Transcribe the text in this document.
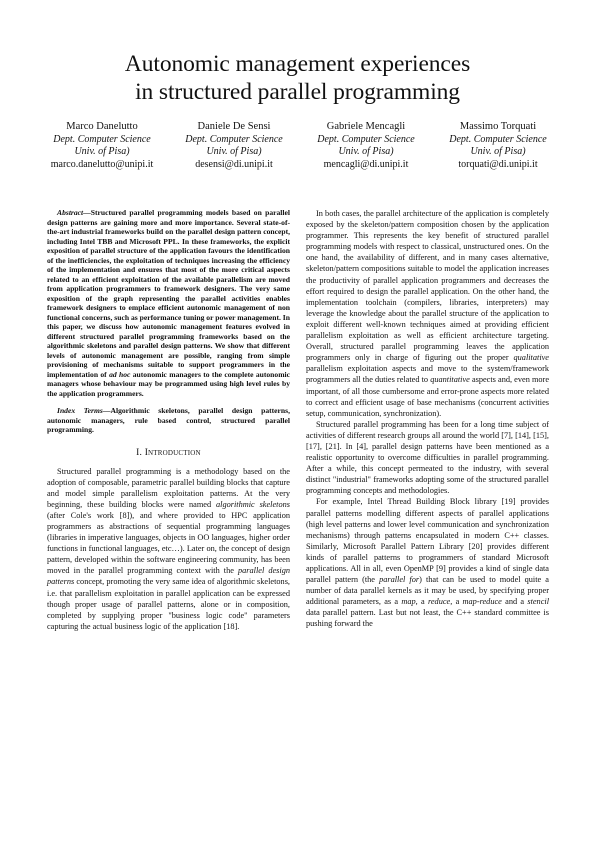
Autonomic management experiences
in structured parallel programming
Marco Danelutto
Dept. Computer Science
Univ. of Pisa)
marco.danelutto@unipi.it
Daniele De Sensi
Dept. Computer Science
Univ. of Pisa)
desensi@di.unipi.it
Gabriele Mencagli
Dept. Computer Science
Univ. of Pisa)
mencagli@di.unipi.it
Massimo Torquati
Dept. Computer Science
Univ. of Pisa)
torquati@di.unipi.it

Abstract—Structured parallel programming models based on parallel design patterns are gaining more and more importance. Several state-of-the-art industrial frameworks build on the parallel design pattern concept, including Intel TBB and Microsoft PPL. In these frameworks, the explicit exposition of parallel structure of the application favours the identification of the inefficiencies, the exploitation of techniques increasing the efficiency of the implementation and ensures that most of the more critical aspects related to an efficient exploitation of the available parallelism are moved from application programmers to framework designers. The very same exposition of the graph representing the parallel activities enables framework designers to emplace efficient autonomic management of non functional concerns, such as performance tuning or power management. In this paper, we discuss how autonomic management features evolved in different structured parallel programming frameworks based on the algorithmic skeletons and parallel design patterns. We show that different levels of autonomic management are possible, ranging from simple provisioning of mechanisms suitable to support programmers in the implementation of ad hoc autonomic managers to the complete autonomic managers whose behaviour may be programmed using high level rules by the application programmers.

Index Terms—Algorithmic skeletons, parallel design patterns, autonomic managers, rule based control, structured parallel programming.

I. Introduction

Structured parallel programming is a methodology based on the adoption of composable, parametric parallel building blocks that capture and model simple parallelism exploitation patterns. At the very beginning, these building blocks were named algorithmic skeletons (after Cole's work [8]), and where provided to HPC application programmers as abstractions of sequential programming languages (libraries in imperative languages, objects in OO languages, higher order functions in functional languages, etc…). Later on, the concept of design pattern, developed within the software engineering community, has been moved in the parallel programming context with the parallel design patterns concept, promoting the very same idea of algorithmic skeletons, i.e. that parallelism exploitation in parallel application can be expressed though proper usage of parallel patterns, alone or in composition, completed by supplying proper "business logic code" parameters capturing the actual business logic of the application [18].

In both cases, the parallel architecture of the application is completely exposed by the skeleton/pattern composition chosen by the application programmer. This represents the key benefit of structured parallel programming models with respect to classical, unstructured ones. On the one hand, the availability of different, and in many cases alternative, skeleton/pattern compositions suitable to model the application increases the productivity of parallel application programmers and decreases the effort required to design the parallel application. On the other hand, the implementation toolchain (compilers, libraries, interpreters) may leverage the knowledge about the parallel structure of the application to exploit different well-known techniques aimed at providing efficient parallelism exploitation as well as efficient architecture targeting. Overall, structured parallel programming leaves the application programmers only in charge of figuring out the proper qualitative parallelism exploitation aspects and move to the system/framework programmers all the duties related to quantitative aspects and, even more important, of all those cumbersome and error-prone aspects more related to correct and efficient usage of base mechanisms (concurrent activities setup, communication, synchronization).

Structured parallel programming has been for a long time subject of activities of different research groups all around the world [7], [14], [15], [17], [21]. In [4], parallel design patterns have been mentioned as a realistic opportunity to overcome difficulties in parallel programming. After a while, this concept permeated to the industry, with several distinct "industrial" frameworks adopting some of the structured parallel programming concepts and methodologies.

For example, Intel Thread Building Block library [19] provides parallel patterns modelling different aspects of parallel applications (high level patterns and lower level communication and synchronization mechanisms) through patterns encapsulated in modern C++ classes. Similarly, Microsoft Parallel Pattern Library [20] provides different kinds of parallel patterns to programmers of standard Microsoft applications. All in all, even OpenMP [9] provides a kind of single data parallel pattern (the parallel for) that can be used to model quite a number of data parallel kernels as it may be used, by specifying proper additional parameters, as a map, a reduce, a map-reduce and a stencil data parallel pattern. Last but not least, the C++ standard committee is pushing forward the
